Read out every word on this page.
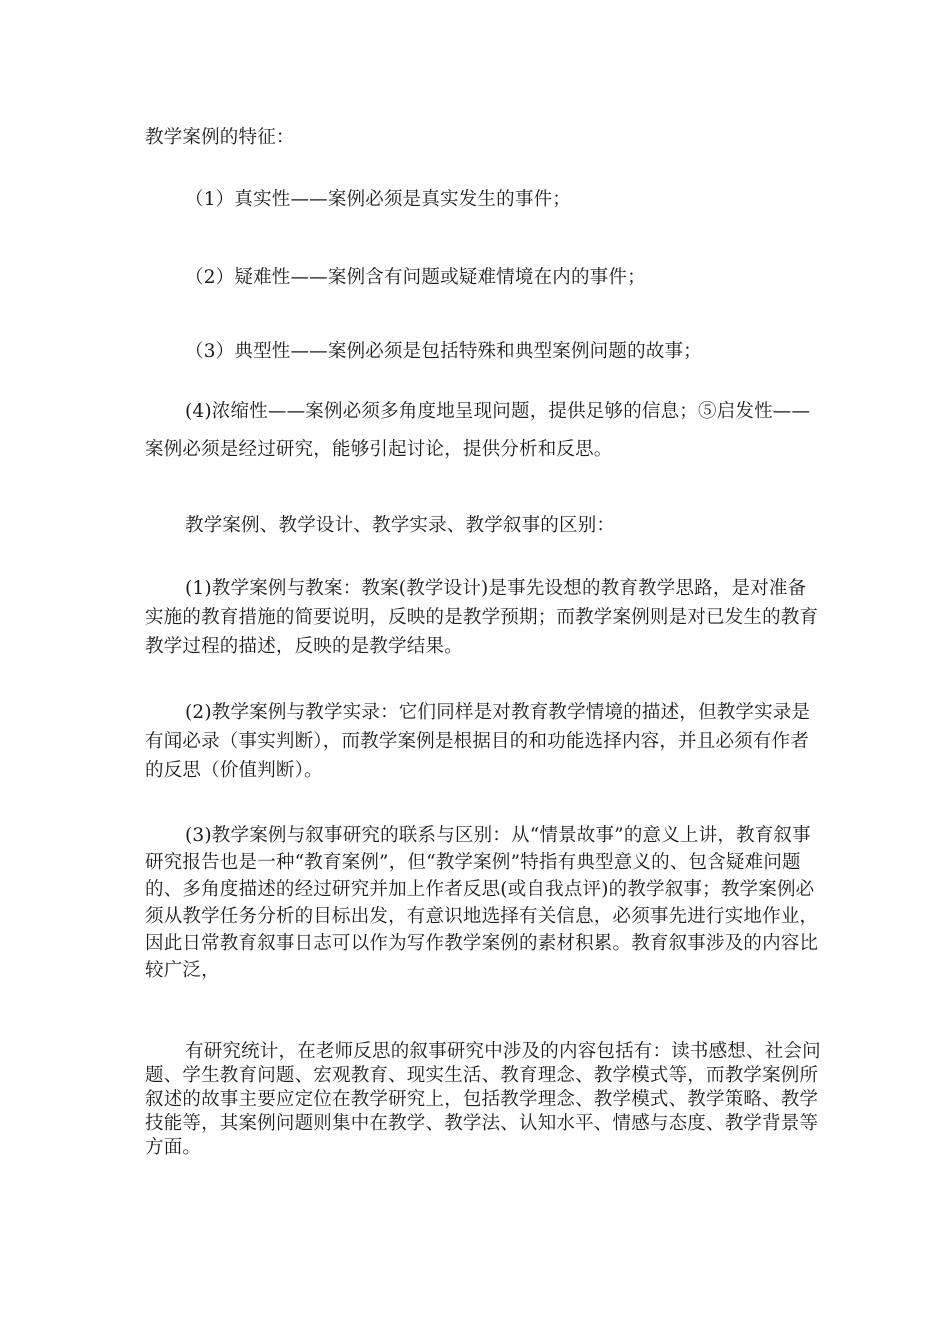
教学案例的特征：

（1）真实性——案例必须是真实发生的事件；

（2）疑难性——案例含有问题或疑难情境在内的事件；

（3）典型性——案例必须是包括特殊和典型案例问题的故事；

(4)浓缩性——案例必须多角度地呈现问题，提供足够的信息；⑤启发性——案例必须是经过研究，能够引起讨论，提供分析和反思。

教学案例、教学设计、教学实录、教学叙事的区别：

(1)教学案例与教案：教案(教学设计)是事先设想的教育教学思路，是对准备实施的教育措施的简要说明，反映的是教学预期；而教学案例则是对已发生的教育教学过程的描述，反映的是教学结果。

(2)教学案例与教学实录：它们同样是对教育教学情境的描述，但教学实录是有闻必录（事实判断），而教学案例是根据目的和功能选择内容，并且必须有作者的反思（价值判断）。

(3)教学案例与叙事研究的联系与区别：从“情景故事”的意义上讲，教育叙事研究报告也是一种“教育案例”，但“教学案例”特指有典型意义的、包含疑难问题的、多角度描述的经过研究并加上作者反思(或自我点评)的教学叙事；教学案例必须从教学任务分析的目标出发，有意识地选择有关信息，必须事先进行实地作业，因此日常教育叙事日志可以作为写作教学案例的素材积累。教育叙事涉及的内容比较广泛，

有研究统计，在老师反思的叙事研究中涉及的内容包括有：读书感想、社会问题、学生教育问题、宏观教育、现实生活、教育理念、教学模式等，而教学案例所叙述的故事主要应定位在教学研究上，包括教学理念、教学模式、教学策略、教学技能等，其案例问题则集中在教学、教学法、认知水平、情感与态度、教学背景等方面。
